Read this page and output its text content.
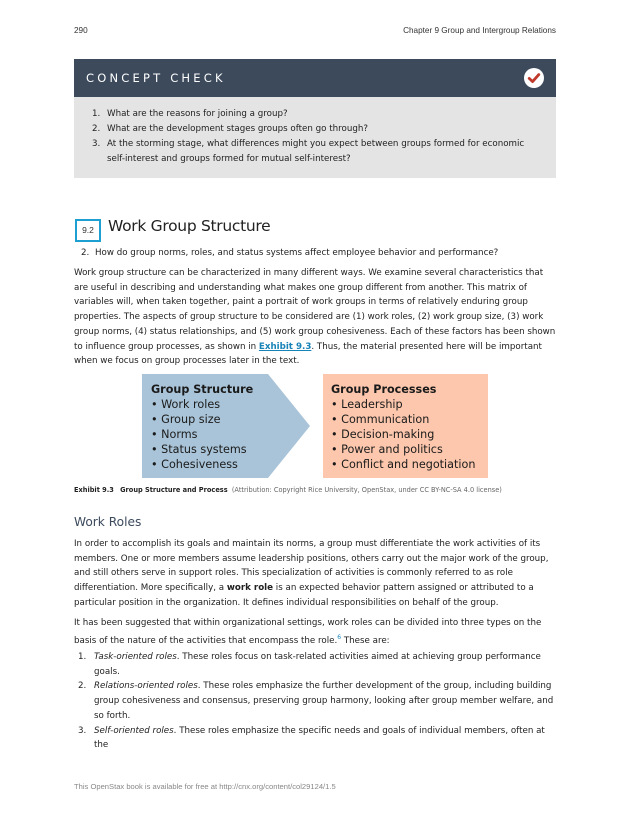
290	Chapter 9 Group and Intergroup Relations
CONCEPT CHECK
1. What are the reasons for joining a group?
2. What are the development stages groups often go through?
3. At the storming stage, what differences might you expect between groups formed for economic self-interest and groups formed for mutual self-interest?
9.2 Work Group Structure
2. How do group norms, roles, and status systems affect employee behavior and performance?

Work group structure can be characterized in many different ways. We examine several characteristics that are useful in describing and understanding what makes one group different from another. This matrix of variables will, when taken together, paint a portrait of work groups in terms of relatively enduring group properties. The aspects of group structure to be considered are (1) work roles, (2) work group size, (3) work group norms, (4) status relationships, and (5) work group cohesiveness. Each of these factors has been shown to influence group processes, as shown in Exhibit 9.3. Thus, the material presented here will be important when we focus on group processes later in the text.

Group Structure
• Work roles
• Group size
• Norms
• Status systems
• Cohesiveness
Group Processes
• Leadership
• Communication
• Decision-making
• Power and politics
• Conflict and negotiation
Exhibit 9.3 Group Structure and Process (Attribution: Copyright Rice University, OpenStax, under CC BY-NC-SA 4.0 license)
Work Roles

In order to accomplish its goals and maintain its norms, a group must differentiate the work activities of its members. One or more members assume leadership positions, others carry out the major work of the group, and still others serve in support roles. This specialization of activities is commonly referred to as role differentiation. More specifically, a work role is an expected behavior pattern assigned or attributed to a particular position in the organization. It defines individual responsibilities on behalf of the group.

It has been suggested that within organizational settings, work roles can be divided into three types on the basis of the nature of the activities that encompass the role.$^6$ These are:

1. Task-oriented roles. These roles focus on task-related activities aimed at achieving group performance goals.
2. Relations-oriented roles. These roles emphasize the further development of the group, including building group cohesiveness and consensus, preserving group harmony, looking after group member welfare, and so forth.
3. Self-oriented roles. These roles emphasize the specific needs and goals of individual members, often at the
This OpenStax book is available for free at http://cnx.org/content/col29124/1.5
